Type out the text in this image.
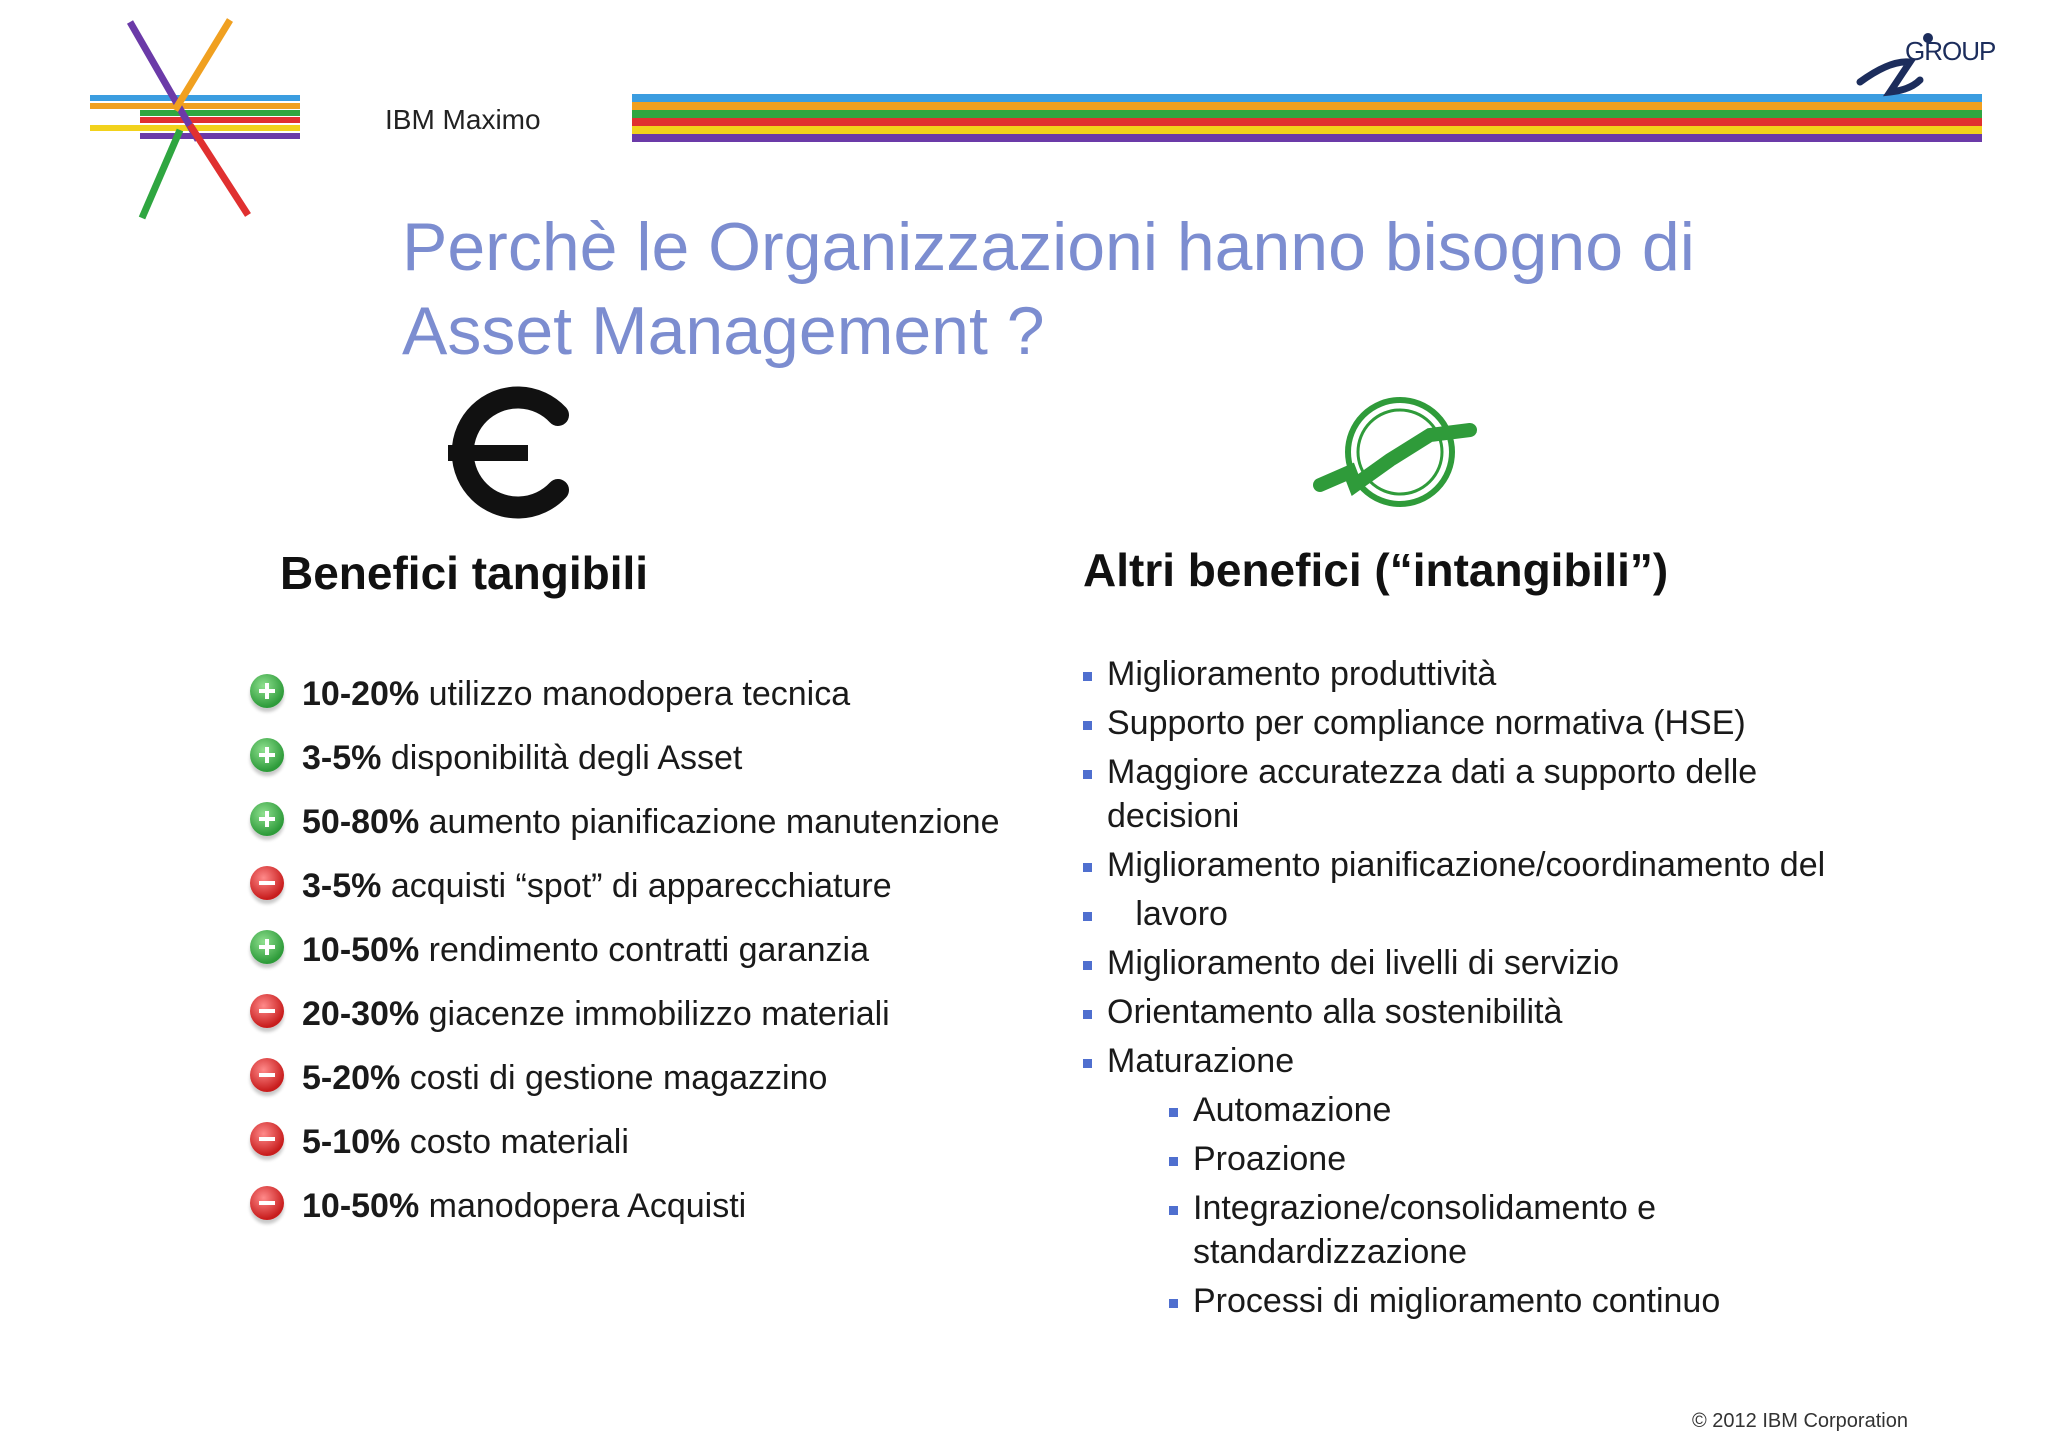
IBM Maximo
GROUP
Perchè le Organizzazioni hanno bisogno di
Asset Management ?
Benefici tangibili	Altri benefici (“intangibili”)
10-20% utilizzo manodopera tecnica
3-5% disponibilità degli Asset
50-80% aumento pianificazione manutenzione
3-5% acquisti “spot” di apparecchiature
10-50% rendimento contratti garanzia
20-30% giacenze immobilizzo materiali
5-20% costi di gestione magazzino
5-10% costo materiali
10-50% manodopera Acquisti
Miglioramento produttività
Supporto per compliance normativa (HSE)
Maggiore accuratezza dati a supporto delle decisioni
Miglioramento pianificazione/coordinamento del
lavoro
Miglioramento dei livelli di servizio
Orientamento alla sostenibilità
Maturazione
Automazione
Proazione
Integrazione/consolidamento e standardizzazione
Processi di miglioramento continuo
© 2012 IBM Corporation
